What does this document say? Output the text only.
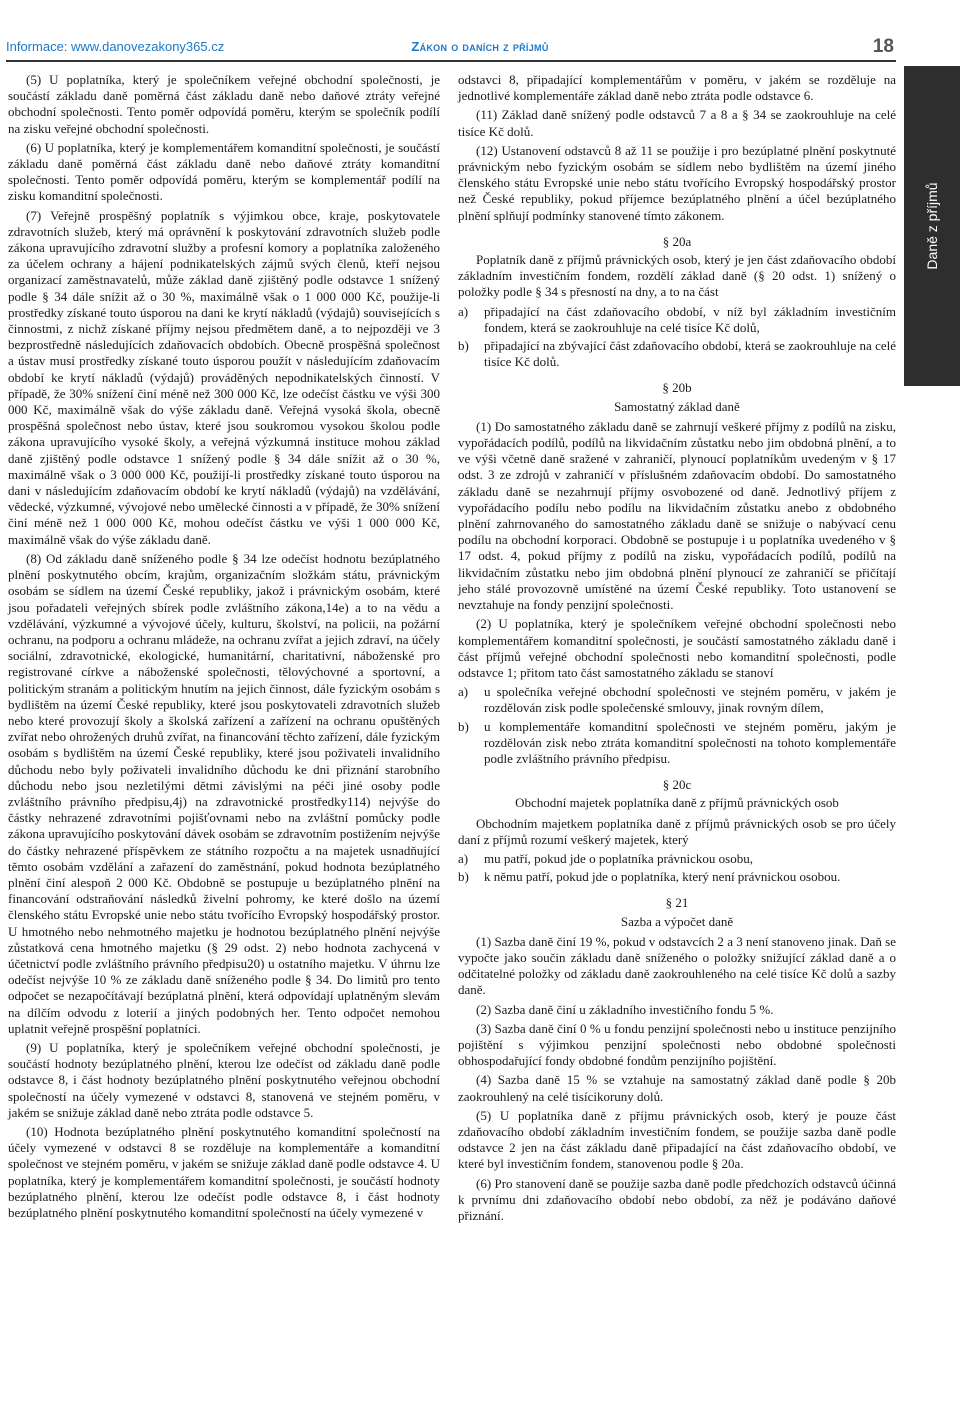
Informace: www.danovezakony365.cz	Zákon o daních z příjmů	18
Daně z příjmů

(5) U poplatníka, který je společníkem veřejné obchodní společnosti, je součástí základu daně poměrná část základu daně nebo daňové ztráty veřejné obchodní společnosti. Tento poměr odpovídá poměru, kterým se společník podílí na zisku veřejné obchodní společnosti.

(6) U poplatníka, který je komplementářem komanditní společnosti, je součástí základu daně poměrná část základu daně nebo daňové ztráty komanditní společnosti. Tento poměr odpovídá poměru, kterým se komplementář podílí na zisku komanditní společnosti.

(7) Veřejně prospěšný poplatník s výjimkou obce, kraje, poskytovatele zdravotních služeb, který má oprávnění k poskytování zdravotních služeb podle zákona upravujícího zdravotní služby a profesní komory a poplatníka založeného za účelem ochrany a hájení podnikatelských zájmů svých členů, kteří nejsou organizací zaměstnavatelů, může základ daně zjištěný podle odstavce 1 snížený podle § 34 dále snížit až o 30 %, maximálně však o 1 000 000 Kč, použije-li prostředky získané touto úsporou na dani ke krytí nákladů (výdajů) souvisejících s činnostmi, z nichž získané příjmy nejsou předmětem daně, a to nejpozději ve 3 bezprostředně následujících zdaňovacích obdobích. Obecně prospěšná společnost a ústav musí prostředky získané touto úsporou použít v následujícím zdaňovacím období ke krytí nákladů (výdajů) prováděných nepodnikatelských činností. V případě, že 30% snížení činí méně než 300 000 Kč, lze odečíst částku ve výši 300 000 Kč, maximálně však do výše základu daně. Veřejná vysoká škola, obecně prospěšná společnost nebo ústav, které jsou soukromou vysokou školou podle zákona upravujícího vysoké školy, a veřejná výzkumná instituce mohou základ daně zjištěný podle odstavce 1 snížený podle § 34 dále snížit až o 30 %, maximálně však o 3 000 000 Kč, použijí-li prostředky získané touto úsporou na dani v následujícím zdaňovacím období ke krytí nákladů (výdajů) na vzdělávání, vědecké, výzkumné, vývojové nebo umělecké činnosti a v případě, že 30% snížení činí méně než 1 000 000 Kč, mohou odečíst částku ve výši 1 000 000 Kč, maximálně však do výše základu daně.

(8) Od základu daně sníženého podle § 34 lze odečíst hodnotu bezúplatného plnění poskytnutého obcím, krajům, organizačním složkám státu, právnickým osobám se sídlem na území České republiky, jakož i právnickým osobám, které jsou pořadateli veřejných sbírek podle zvláštního zákona,14e) a to na vědu a vzdělávání, výzkumné a vývojové účely, kulturu, školství, na policii, na požární ochranu, na podporu a ochranu mládeže, na ochranu zvířat a jejich zdraví, na účely sociální, zdravotnické, ekologické, humanitární, charitativní, náboženské pro registrované církve a náboženské společnosti, tělovýchovné a sportovní, a politickým stranám a politickým hnutím na jejich činnost, dále fyzickým osobám s bydlištěm na území České republiky, které jsou poskytovateli zdravotních služeb nebo které provozují školy a školská zařízení a zařízení na ochranu opuštěných zvířat nebo ohrožených druhů zvířat, na financování těchto zařízení, dále fyzickým osobám s bydlištěm na území České republiky, které jsou poživateli invalidního důchodu nebo byly poživateli invalidního důchodu ke dni přiznání starobního důchodu nebo jsou nezletilými dětmi závislými na péči jiné osoby podle zvláštního právního předpisu,4j) na zdravotnické prostředky114) nejvýše do částky nehrazené zdravotními pojišťovnami nebo na zvláštní pomůcky podle zákona upravujícího poskytování dávek osobám se zdravotním postižením nejvýše do částky nehrazené příspěvkem ze státního rozpočtu a na majetek usnadňující těmto osobám vzdělání a zařazení do zaměstnání, pokud hodnota bezúplatného plnění činí alespoň 2 000 Kč. Obdobně se postupuje u bezúplatného plnění na financování odstraňování následků živelní pohromy, ke které došlo na území členského státu Evropské unie nebo státu tvořícího Evropský hospodářský prostor. U hmotného nebo nehmotného majetku je hodnotou bezúplatného plnění nejvýše zůstatková cena hmotného majetku (§ 29 odst. 2) nebo hodnota zachycená v účetnictví podle zvláštního právního předpisu20) u ostatního majetku. V úhrnu lze odečíst nejvýše 10 % ze základu daně sníženého podle § 34. Do limitů pro tento odpočet se nezapočítávají bezúplatná plnění, která odpovídají uplatněným slevám na dílčím odvodu z loterií a jiných podobných her. Tento odpočet nemohou uplatnit veřejně prospěšní poplatníci.

(9) U poplatníka, který je společníkem veřejné obchodní společnosti, je součástí hodnoty bezúplatného plnění, kterou lze odečíst od základu daně podle odstavce 8, i část hodnoty bezúplatného plnění poskytnutého veřejnou obchodní společností na účely vymezené v odstavci 8, stanovená ve stejném poměru, v jakém se snižuje základ daně nebo ztráta podle odstavce 5.

(10) Hodnota bezúplatného plnění poskytnutého komanditní společností na účely vymezené v odstavci 8 se rozděluje na komplementáře a komanditní společnost ve stejném poměru, v jakém se snižuje základ daně podle odstavce 4. U poplatníka, který je komplementářem komanditní společnosti, je součástí hodnoty bezúplatného plnění, kterou lze odečíst podle odstavce 8, i část hodnoty bezúplatného plnění poskytnutého komanditní společností na účely vymezené v

odstavci 8, připadající komplementářům v poměru, v jakém se rozděluje na jednotlivé komplementáře základ daně nebo ztráta podle odstavce 6.

(11) Základ daně snížený podle odstavců 7 a 8 a § 34 se zaokrouhluje na celé tisíce Kč dolů.

(12) Ustanovení odstavců 8 až 11 se použije i pro bezúplatné plnění poskytnuté právnickým nebo fyzickým osobám se sídlem nebo bydlištěm na území jiného členského státu Evropské unie nebo státu tvořícího Evropský hospodářský prostor než České republiky, pokud příjemce bezúplatného plnění a účel bezúplatného plnění splňují podmínky stanovené tímto zákonem.

§ 20a

Poplatník daně z příjmů právnických osob, který je jen část zdaňovacího období základním investičním fondem, rozdělí základ daně (§ 20 odst. 1) snížený o položky podle § 34 s přesností na dny, a to na část

a)	připadající na část zdaňovacího období, v níž byl základním investičním fondem, která se zaokrouhluje na celé tisíce Kč dolů,
b)	připadající na zbývající část zdaňovacího období, která se zaokrouhluje na celé tisíce Kč dolů.
§ 20b
Samostatný základ daně

(1) Do samostatného základu daně se zahrnují veškeré příjmy z podílů na zisku, vypořádacích podílů, podílů na likvidačním zůstatku nebo jim obdobná plnění, a to ve výši včetně daně sražené v zahraničí, plynoucí poplatníkům uvedeným v § 17 odst. 3 ze zdrojů v zahraničí v příslušném zdaňovacím období. Do samostatného základu daně se nezahrnují příjmy osvobozené od daně. Jednotlivý příjem z vypořádacího podílu nebo podílu na likvidačním zůstatku anebo z obdobného plnění zahrnovaného do samostatného základu daně se snižuje o nabývací cenu podílu na obchodní korporaci. Obdobně se postupuje i u poplatníka uvedeného v § 17 odst. 4, pokud příjmy z podílů na zisku, vypořádacích podílů, podílů na likvidačním zůstatku nebo jim obdobná plnění plynoucí ze zahraničí se přičítají jeho stálé provozovně umístěné na území České republiky. Toto ustanovení se nevztahuje na fondy penzijní společnosti.

(2) U poplatníka, který je společníkem veřejné obchodní společnosti nebo komplementářem komanditní společnosti, je součástí samostatného základu daně i část příjmů veřejné obchodní společnosti nebo komanditní společnosti, podle odstavce 1; přitom tato část samostatného základu se stanoví

a)	u společníka veřejné obchodní společnosti ve stejném poměru, v jakém je rozdělován zisk podle společenské smlouvy, jinak rovným dílem,
b)	u komplementáře komanditní společnosti ve stejném poměru, jakým je rozdělován zisk nebo ztráta komanditní společnosti na tohoto komplementáře podle zvláštního právního předpisu.
§ 20c
Obchodní majetek poplatníka daně z příjmů právnických osob

Obchodním majetkem poplatníka daně z příjmů právnických osob se pro účely daní z příjmů rozumí veškerý majetek, který

a)	mu patří, pokud jde o poplatníka právnickou osobu,
b)	k němu patří, pokud jde o poplatníka, který není právnickou osobou.
§ 21
Sazba a výpočet daně

(1) Sazba daně činí 19 %, pokud v odstavcích 2 a 3 není stanoveno jinak. Daň se vypočte jako součin základu daně sníženého o položky snižující základ daně a o odčitatelné položky od základu daně zaokrouhleného na celé tisíce Kč dolů a sazby daně.

(2) Sazba daně činí u základního investičního fondu 5 %.

(3) Sazba daně činí 0 % u fondu penzijní společnosti nebo u instituce penzijního pojištění s výjimkou penzijní společnosti nebo obdobné společnosti obhospodařující fondy obdobné fondům penzijního pojištění.

(4) Sazba daně 15 % se vztahuje na samostatný základ daně podle § 20b zaokrouhlený na celé tisícikoruny dolů.

(5) U poplatníka daně z příjmu právnických osob, který je pouze část zdaňovacího období základním investičním fondem, se použije sazba daně podle odstavce 2 jen na část základu daně připadající na část zdaňovacího období, ve které byl investičním fondem, stanovenou podle § 20a.

(6) Pro stanovení daně se použije sazba daně podle předchozích odstavců účinná k prvnímu dni zdaňovacího období nebo období, za něž je podáváno daňové přiznání.
